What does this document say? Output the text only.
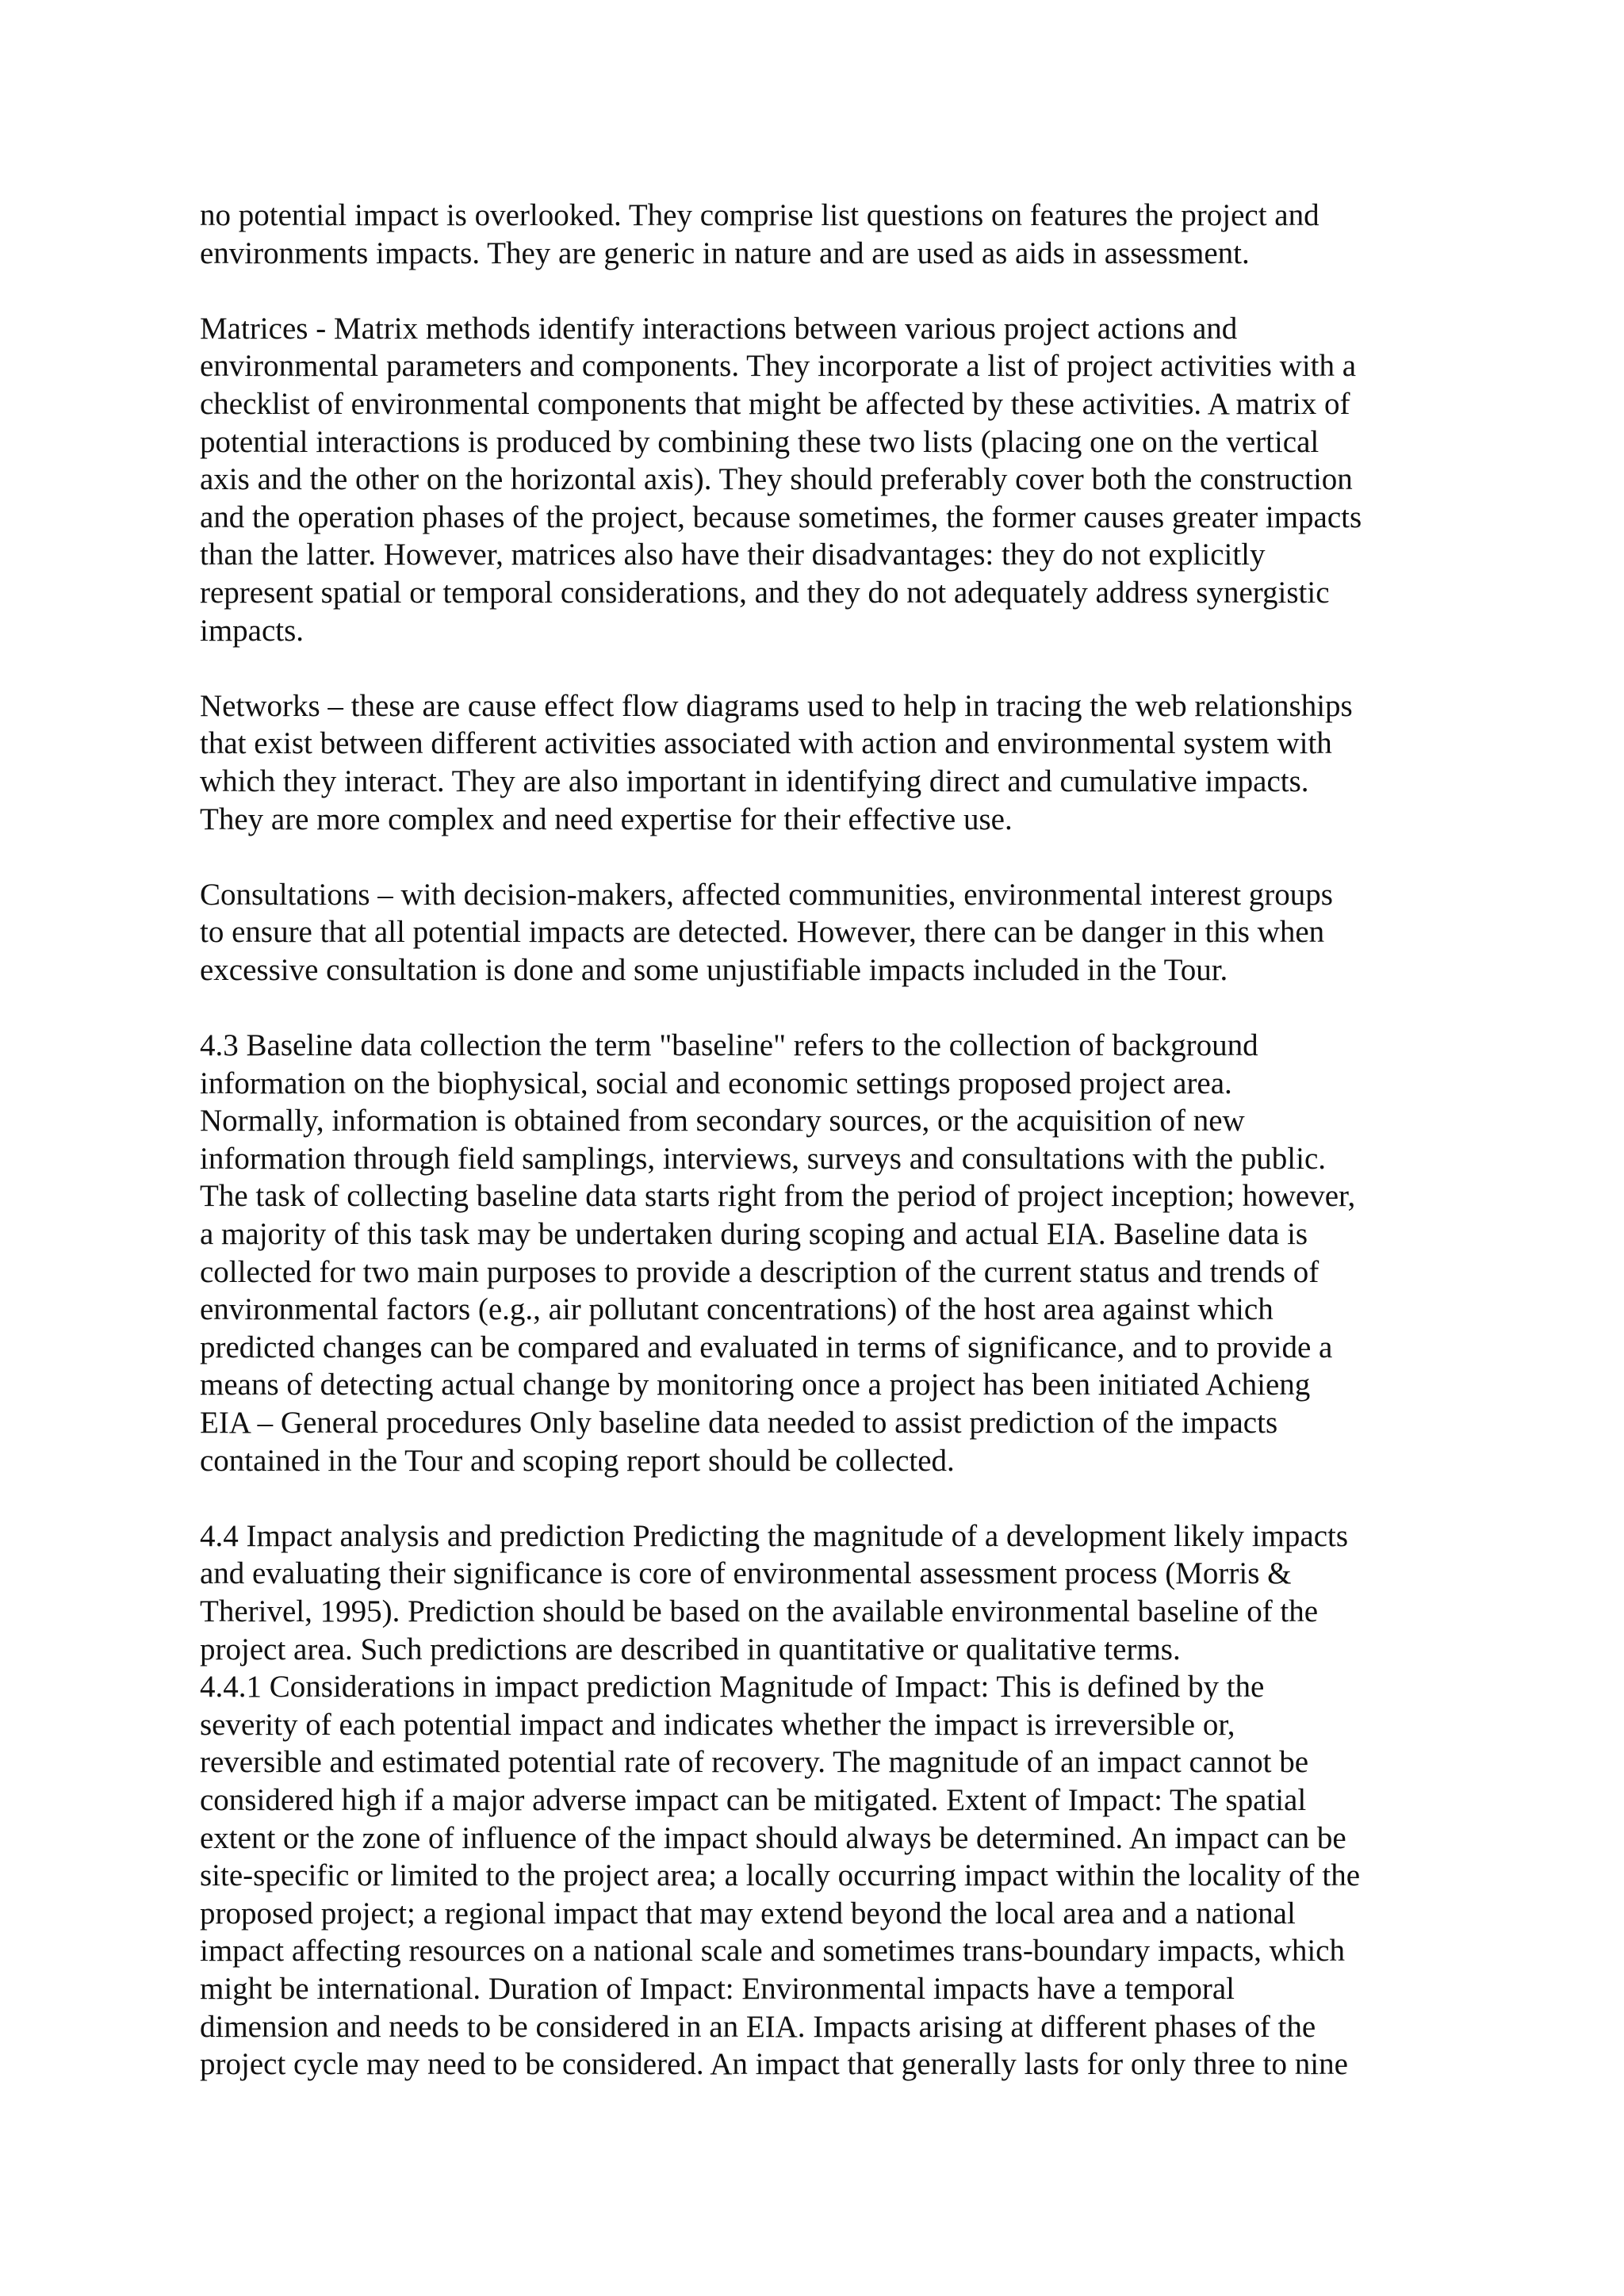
no potential impact is overlooked. They comprise list questions on features the project and
environments impacts. They are generic in nature and are used as aids in assessment.
Matrices - Matrix methods identify interactions between various project actions and
environmental parameters and components. They incorporate a list of project activities with a
checklist of environmental components that might be affected by these activities. A matrix of
potential interactions is produced by combining these two lists (placing one on the vertical
axis and the other on the horizontal axis). They should preferably cover both the construction
and the operation phases of the project, because sometimes, the former causes greater impacts
than the latter. However, matrices also have their disadvantages: they do not explicitly
represent spatial or temporal considerations, and they do not adequately address synergistic
impacts.
Networks – these are cause effect flow diagrams used to help in tracing the web relationships
that exist between different activities associated with action and environmental system with
which they interact. They are also important in identifying direct and cumulative impacts.
They are more complex and need expertise for their effective use.
Consultations – with decision-makers, affected communities, environmental interest groups
to ensure that all potential impacts are detected. However, there can be danger in this when
excessive consultation is done and some unjustifiable impacts included in the Tour.
4.3 Baseline data collection the term "baseline" refers to the collection of background
information on the biophysical, social and economic settings proposed project area.
Normally, information is obtained from secondary sources, or the acquisition of new
information through field samplings, interviews, surveys and consultations with the public.
The task of collecting baseline data starts right from the period of project inception; however,
a majority of this task may be undertaken during scoping and actual EIA. Baseline data is
collected for two main purposes to provide a description of the current status and trends of
environmental factors (e.g., air pollutant concentrations) of the host area against which
predicted changes can be compared and evaluated in terms of significance, and to provide a
means of detecting actual change by monitoring once a project has been initiated Achieng
EIA – General procedures Only baseline data needed to assist prediction of the impacts
contained in the Tour and scoping report should be collected.
4.4 Impact analysis and prediction Predicting the magnitude of a development likely impacts
and evaluating their significance is core of environmental assessment process (Morris &
Therivel, 1995). Prediction should be based on the available environmental baseline of the
project area. Such predictions are described in quantitative or qualitative terms.
4.4.1 Considerations in impact prediction Magnitude of Impact: This is defined by the
severity of each potential impact and indicates whether the impact is irreversible or,
reversible and estimated potential rate of recovery. The magnitude of an impact cannot be
considered high if a major adverse impact can be mitigated. Extent of Impact: The spatial
extent or the zone of influence of the impact should always be determined. An impact can be
site-specific or limited to the project area; a locally occurring impact within the locality of the
proposed project; a regional impact that may extend beyond the local area and a national
impact affecting resources on a national scale and sometimes trans-boundary impacts, which
might be international. Duration of Impact: Environmental impacts have a temporal
dimension and needs to be considered in an EIA. Impacts arising at different phases of the
project cycle may need to be considered. An impact that generally lasts for only three to nine
